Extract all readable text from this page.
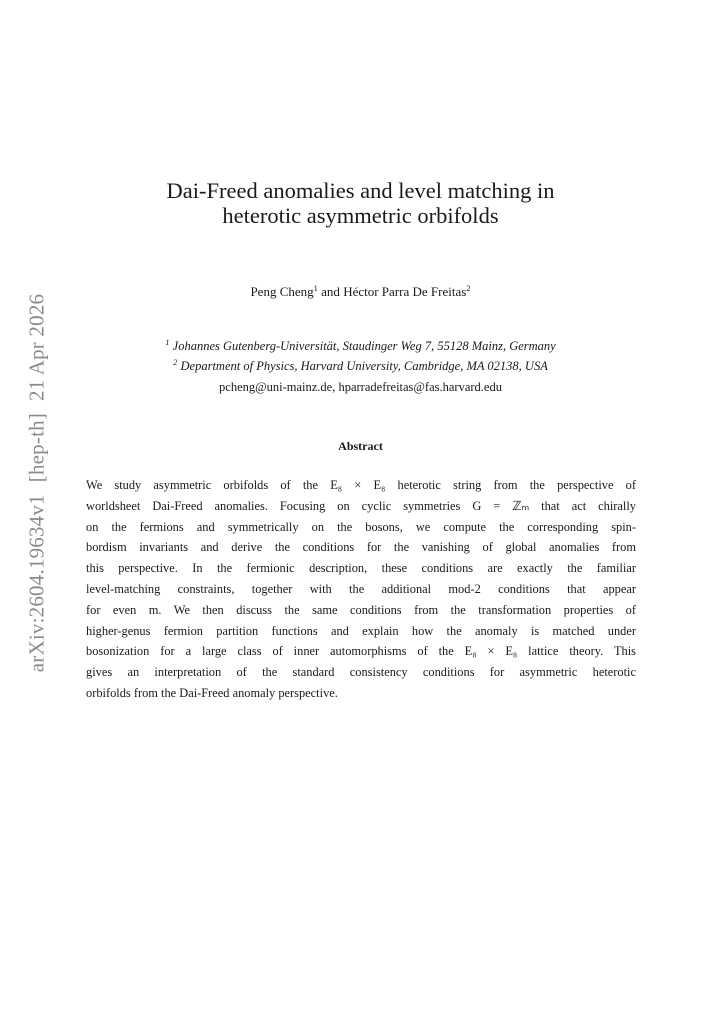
arXiv:2604.19634v1[hep-th]21 Apr 2026
Dai-Freed anomalies and level matching in
heterotic asymmetric orbifolds
Peng Cheng$^1$ and Héctor Parra De Freitas$^2$
$^1$ Johannes Gutenberg-Universität, Staudinger Weg 7, 55128 Mainz, Germany
$^2$ Department of Physics, Harvard University, Cambridge, MA 02138, USA
pcheng@uni-mainz.de, hparradefreitas@fas.harvard.edu
Abstract
We study asymmetric orbifolds of the E₈ × E₈ heterotic string from the perspective of
worldsheet Dai-Freed anomalies. Focusing on cyclic symmetries G = ℤₘ that act chirally
on the fermions and symmetrically on the bosons, we compute the corresponding spin-
bordism invariants and derive the conditions for the vanishing of global anomalies from
this perspective. In the fermionic description, these conditions are exactly the familiar
level-matching constraints, together with the additional mod-2 conditions that appear
for even m. We then discuss the same conditions from the transformation properties of
higher-genus fermion partition functions and explain how the anomaly is matched under
bosonization for a large class of inner automorphisms of the E₈ × E₈ lattice theory. This
gives an interpretation of the standard consistency conditions for asymmetric heterotic
orbifolds from the Dai-Freed anomaly perspective.
